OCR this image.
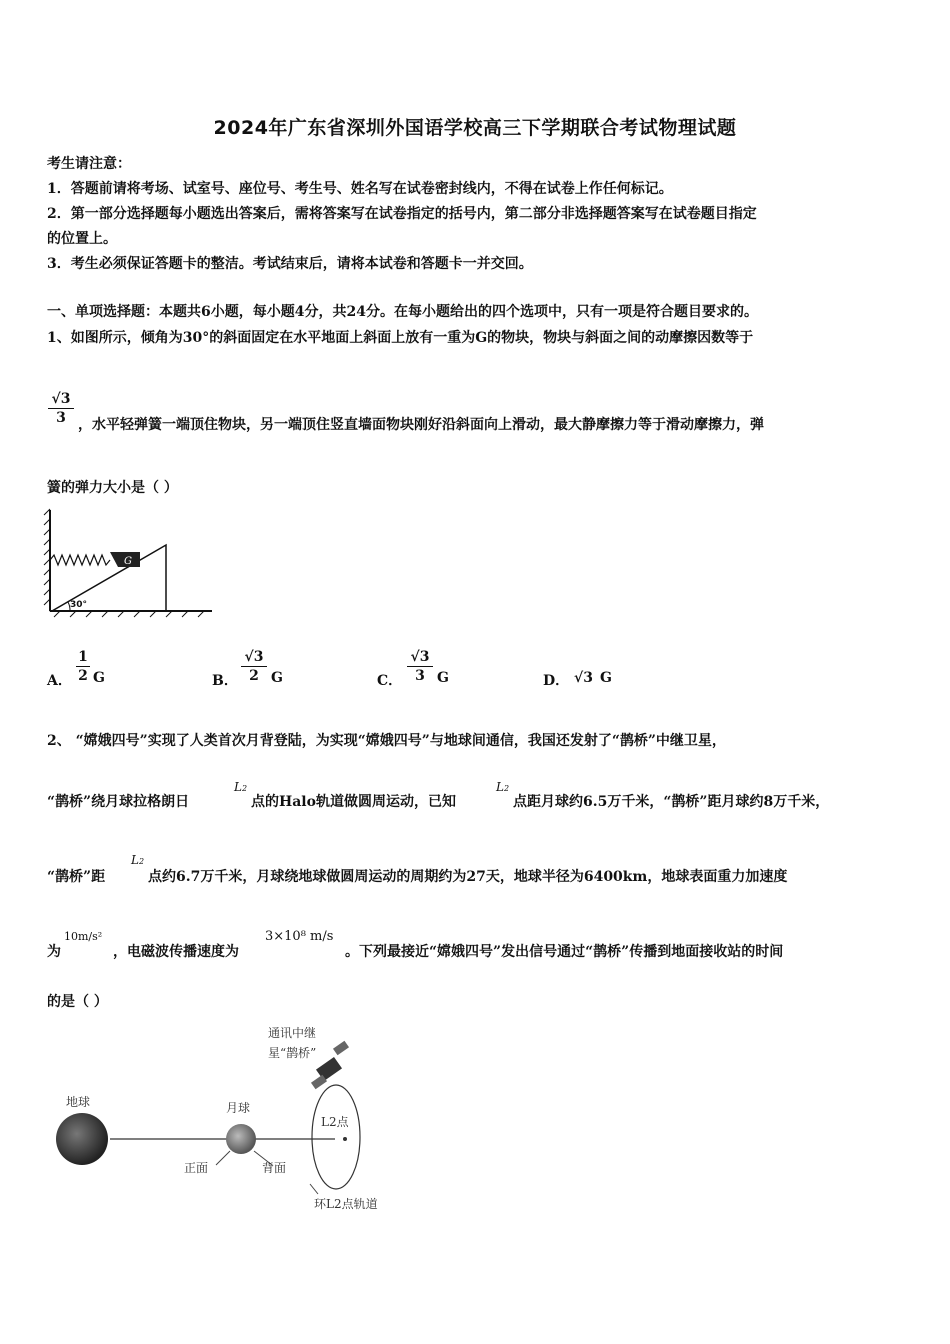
2024年广东省深圳外国语学校高三下学期联合考试物理试题
考生请注意：
1．答题前请将考场、试室号、座位号、考生号、姓名写在试卷密封线内，不得在试卷上作任何标记。
2．第一部分选择题每小题选出答案后，需将答案写在试卷指定的括号内，第二部分非选择题答案写在试卷题目指定
的位置上。
3．考生必须保证答题卡的整洁。考试结束后，请将本试卷和答题卡一并交回。
一、单项选择题：本题共6小题，每小题4分，共24分。在每小题给出的四个选项中，只有一项是符合题目要求的。
1、如图所示，倾角为30°的斜面固定在水平地面上斜面上放有一重为G的物块，物块与斜面之间的动摩擦因数等于
$\frac{√3}{3}$ ，水平轻弹簧一端顶住物块，另一端顶住竖直墙面物块刚好沿斜面向上滑动，最大静摩擦力等于滑动摩擦力，弹
簧的弹力大小是（ ）
G
30°
A． $\frac{1}{2}$ G	B． $\frac{√3}{2}$ G	C． $\frac{√3}{3}$ G	D． √3 G
2、 “嫦娥四号”实现了人类首次月背登陆，为实现“嫦娥四号”与地球间通信，我国还发射了“鹊桥”中继卫星，
“鹊桥”绕月球拉格朗日
L2
点的Halo轨道做圆周运动，已知
L2
点距月球约6.5万千米，“鹊桥”距月球约8万千米，
“鹊桥”距
L2
点约6.7万千米，月球绕地球做圆周运动的周期约为27天，地球半径为6400km，地球表面重力加速度
为
10m/s²
，电磁波传播速度为
3×10⁸ m/s
。下列最接近“嫦娥四号”发出信号通过“鹊桥”传播到地面接收站的时间
的是（ ）
通讯中继
星“鹊桥”
地球	月球
L2点
正面	背面
环L2点轨道
